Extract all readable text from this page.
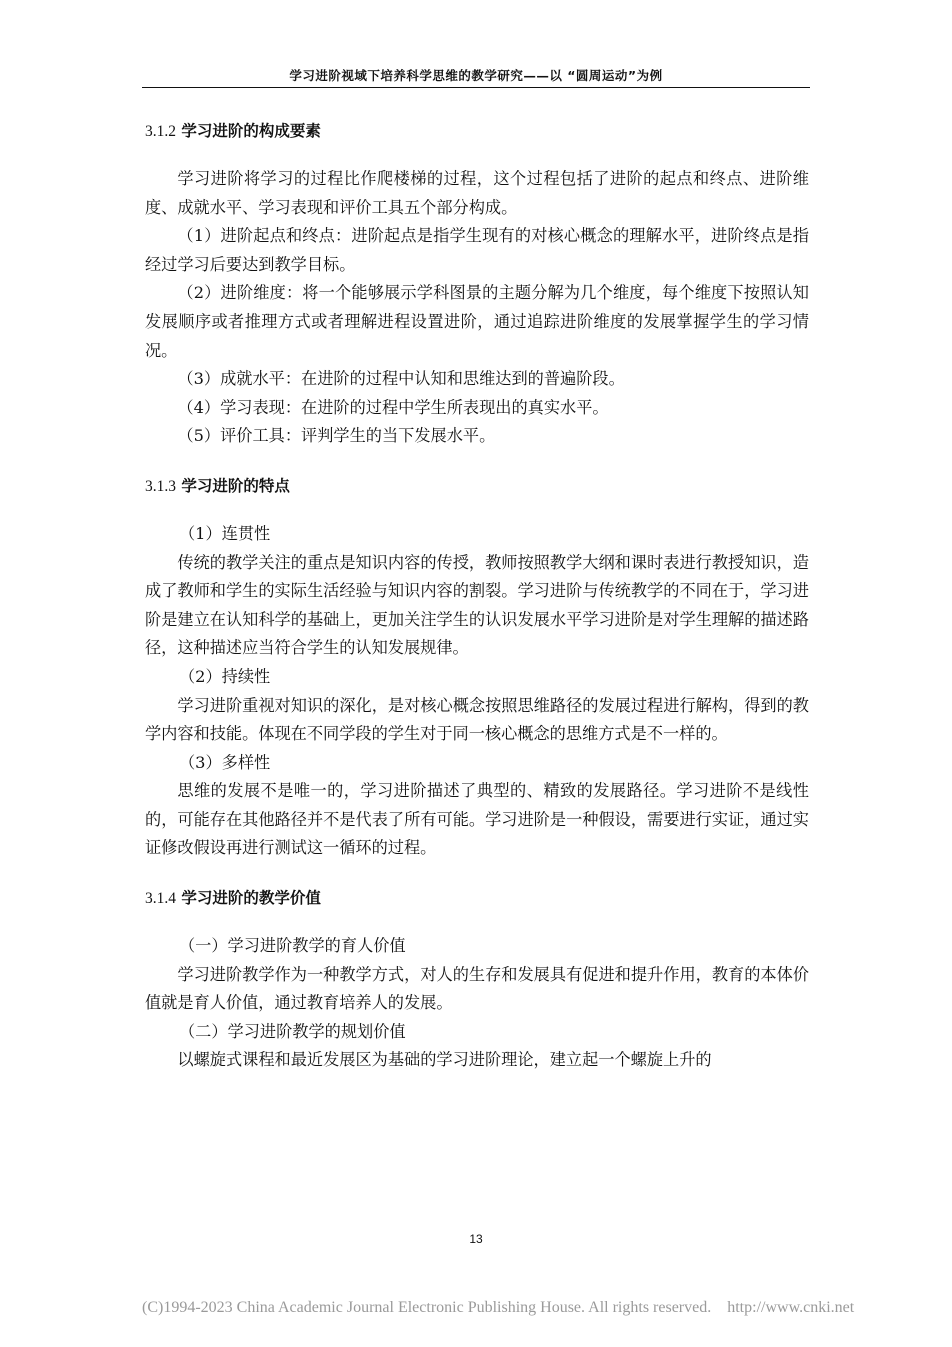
学习进阶视域下培养科学思维的教学研究——以 “圆周运动”为例
3.1.2 学习进阶的构成要素

学习进阶将学习的过程比作爬楼梯的过程，这个过程包括了进阶的起点和终点、进阶维度、成就水平、学习表现和评价工具五个部分构成。

（1）进阶起点和终点：进阶起点是指学生现有的对核心概念的理解水平，进阶终点是指经过学习后要达到教学目标。

（2）进阶维度：将一个能够展示学科图景的主题分解为几个维度，每个维度下按照认知发展顺序或者推理方式或者理解进程设置进阶，通过追踪进阶维度的发展掌握学生的学习情况。

（3）成就水平：在进阶的过程中认知和思维达到的普遍阶段。

（4）学习表现：在进阶的过程中学生所表现出的真实水平。

（5）评价工具：评判学生的当下发展水平。

3.1.3 学习进阶的特点

（1）连贯性

传统的教学关注的重点是知识内容的传授，教师按照教学大纲和课时表进行教授知识，造成了教师和学生的实际生活经验与知识内容的割裂。学习进阶与传统教学的不同在于，学习进阶是建立在认知科学的基础上，更加关注学生的认识发展水平学习进阶是对学生理解的描述路径，这种描述应当符合学生的认知发展规律。

（2）持续性

学习进阶重视对知识的深化，是对核心概念按照思维路径的发展过程进行解构，得到的教学内容和技能。体现在不同学段的学生对于同一核心概念的思维方式是不一样的。

（3）多样性

思维的发展不是唯一的，学习进阶描述了典型的、精致的发展路径。学习进阶不是线性的，可能存在其他路径并不是代表了所有可能。学习进阶是一种假设，需要进行实证，通过实证修改假设再进行测试这一循环的过程。

3.1.4 学习进阶的教学价值

（一）学习进阶教学的育人价值

学习进阶教学作为一种教学方式，对人的生存和发展具有促进和提升作用，教育的本体价值就是育人价值，通过教育培养人的发展。

（二）学习进阶教学的规划价值

以螺旋式课程和最近发展区为基础的学习进阶理论，建立起一个螺旋上升的

13
(C)1994-2023 China Academic Journal Electronic Publishing House. All rights reserved. http://www.cnki.net
